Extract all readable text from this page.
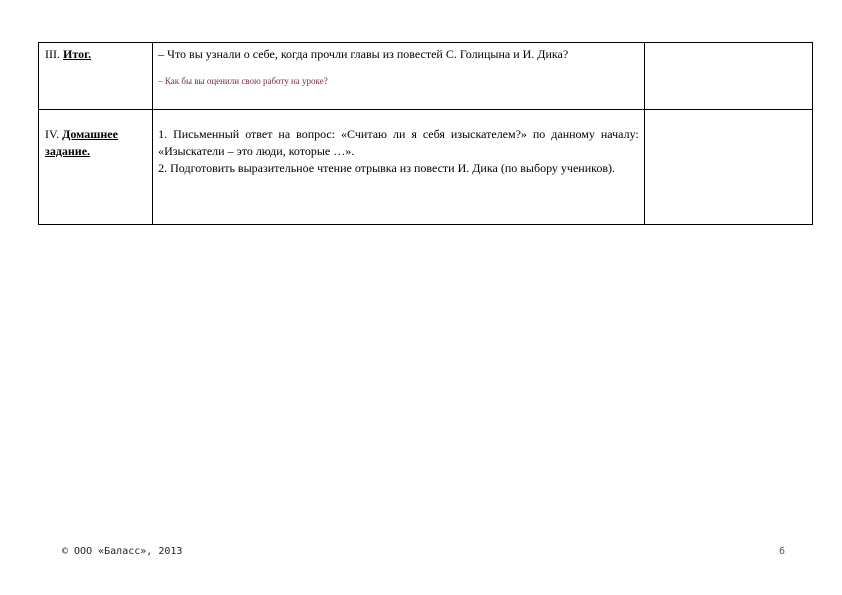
III. Итог.	– Что вы узнали о себе, когда прочли главы из повестей С. Голицына и И. Дика?
– Как бы вы оценили свою работу на уроке?	

IV. Домашнее задание.	1. Письменный ответ на вопрос: «Считаю ли я себя изыскателем?» по данному началу: «Изыскатели – это люди, которые …».
2. Подготовить выразительное чтение отрывка из повести И. Дика (по выбору учеников).	

© ООО «Баласс», 2013	6
